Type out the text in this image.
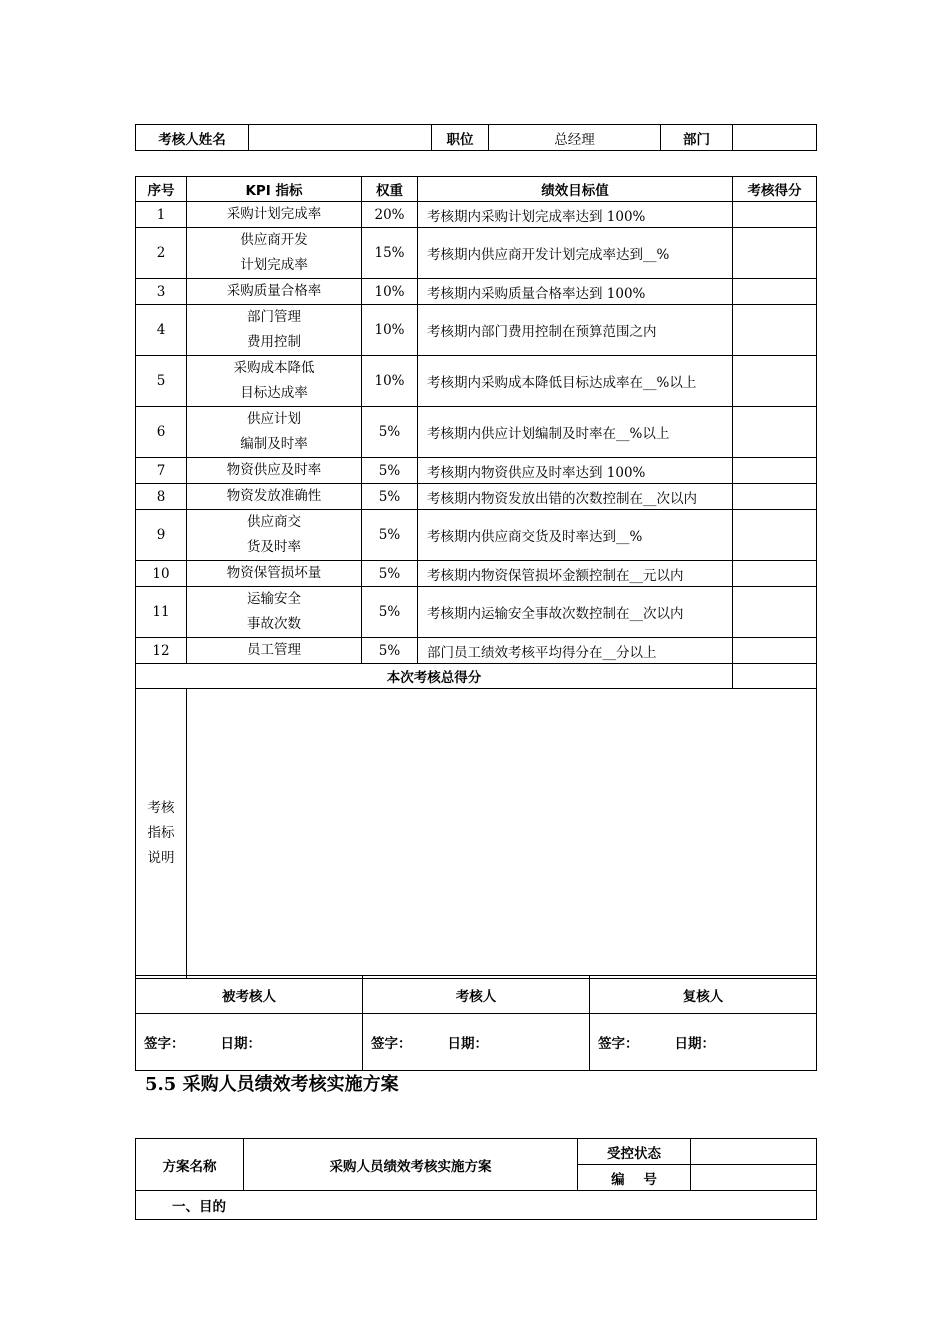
考核人姓名		职位	总经理	部门	
序号	KPI 指标	权重	绩效目标值	考核得分
1	采购计划完成率	20%	考核期内采购计划完成率达到 100%	
2	供应商开发
计划完成率	15%	考核期内供应商开发计划完成率达到__%	
3	采购质量合格率	10%	考核期内采购质量合格率达到 100%	
4	部门管理
费用控制	10%	考核期内部门费用控制在预算范围之内	
5	采购成本降低
目标达成率	10%	考核期内采购成本降低目标达成率在__%以上	
6	供应计划
编制及时率	5%	考核期内供应计划编制及时率在__%以上	
7	物资供应及时率	5%	考核期内物资供应及时率达到 100%	
8	物资发放准确性	5%	考核期内物资发放出错的次数控制在__次以内	
9	供应商交
货及时率	5%	考核期内供应商交货及时率达到__%	
10	物资保管损坏量	5%	考核期内物资保管损坏金额控制在__元以内	
11	运输安全
事故次数	5%	考核期内运输安全事故次数控制在__次以内	
12	员工管理	5%	部门员工绩效考核平均得分在__分以上	
本次考核总得分				

考核
指标
说明				

被考核人	考核人	复核人
签字： 日期：	签字： 日期：	签字： 日期：
5.5 采购人员绩效考核实施方案
方案名称	采购人员绩效考核实施方案	受控状态	
		编    号	
一、目的			
